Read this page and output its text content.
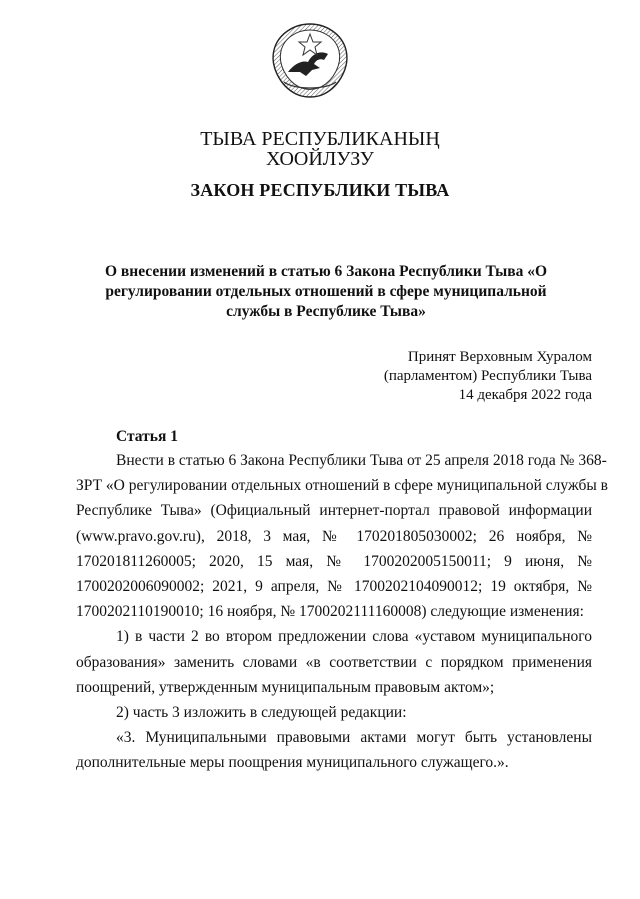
ТЫВА РЕСПУБЛИКАНЫҢ

ХООЙЛУЗУ

ЗАКОН РЕСПУБЛИКИ ТЫВА

О внесении изменений в статью 6 Закона Республики Тыва «О
регулировании отдельных отношений в сфере муниципальной
службы в Республике Тыва»

Принят Верховным Хуралом
(парламентом) Республики Тыва
14 декабря 2022 года

Статья 1

Внести в статью 6 Закона Республики Тыва от 25 апреля 2018 года № 368-
ЗРТ «О регулировании отдельных отношений в сфере муниципальной службы в
Республике Тыва» (Официальный интернет-портал правовой информации
(www.pravo.gov.ru), 2018, 3 мая, № 170201805030002; 26 ноября, №
170201811260005; 2020, 15 мая, № 1700202005150011; 9 июня, №
1700202006090002; 2021, 9 апреля, № 1700202104090012; 19 октября, №
1700202110190010; 16 ноября, № 1700202111160008) следующие изменения:

1) в части 2 во втором предложении слова «уставом муниципального
образования» заменить словами «в соответствии с порядком применения
поощрений, утвержденным муниципальным правовым актом»;

2) часть 3 изложить в следующей редакции:

«3. Муниципальными правовыми актами могут быть установлены
дополнительные меры поощрения муниципального служащего.».
